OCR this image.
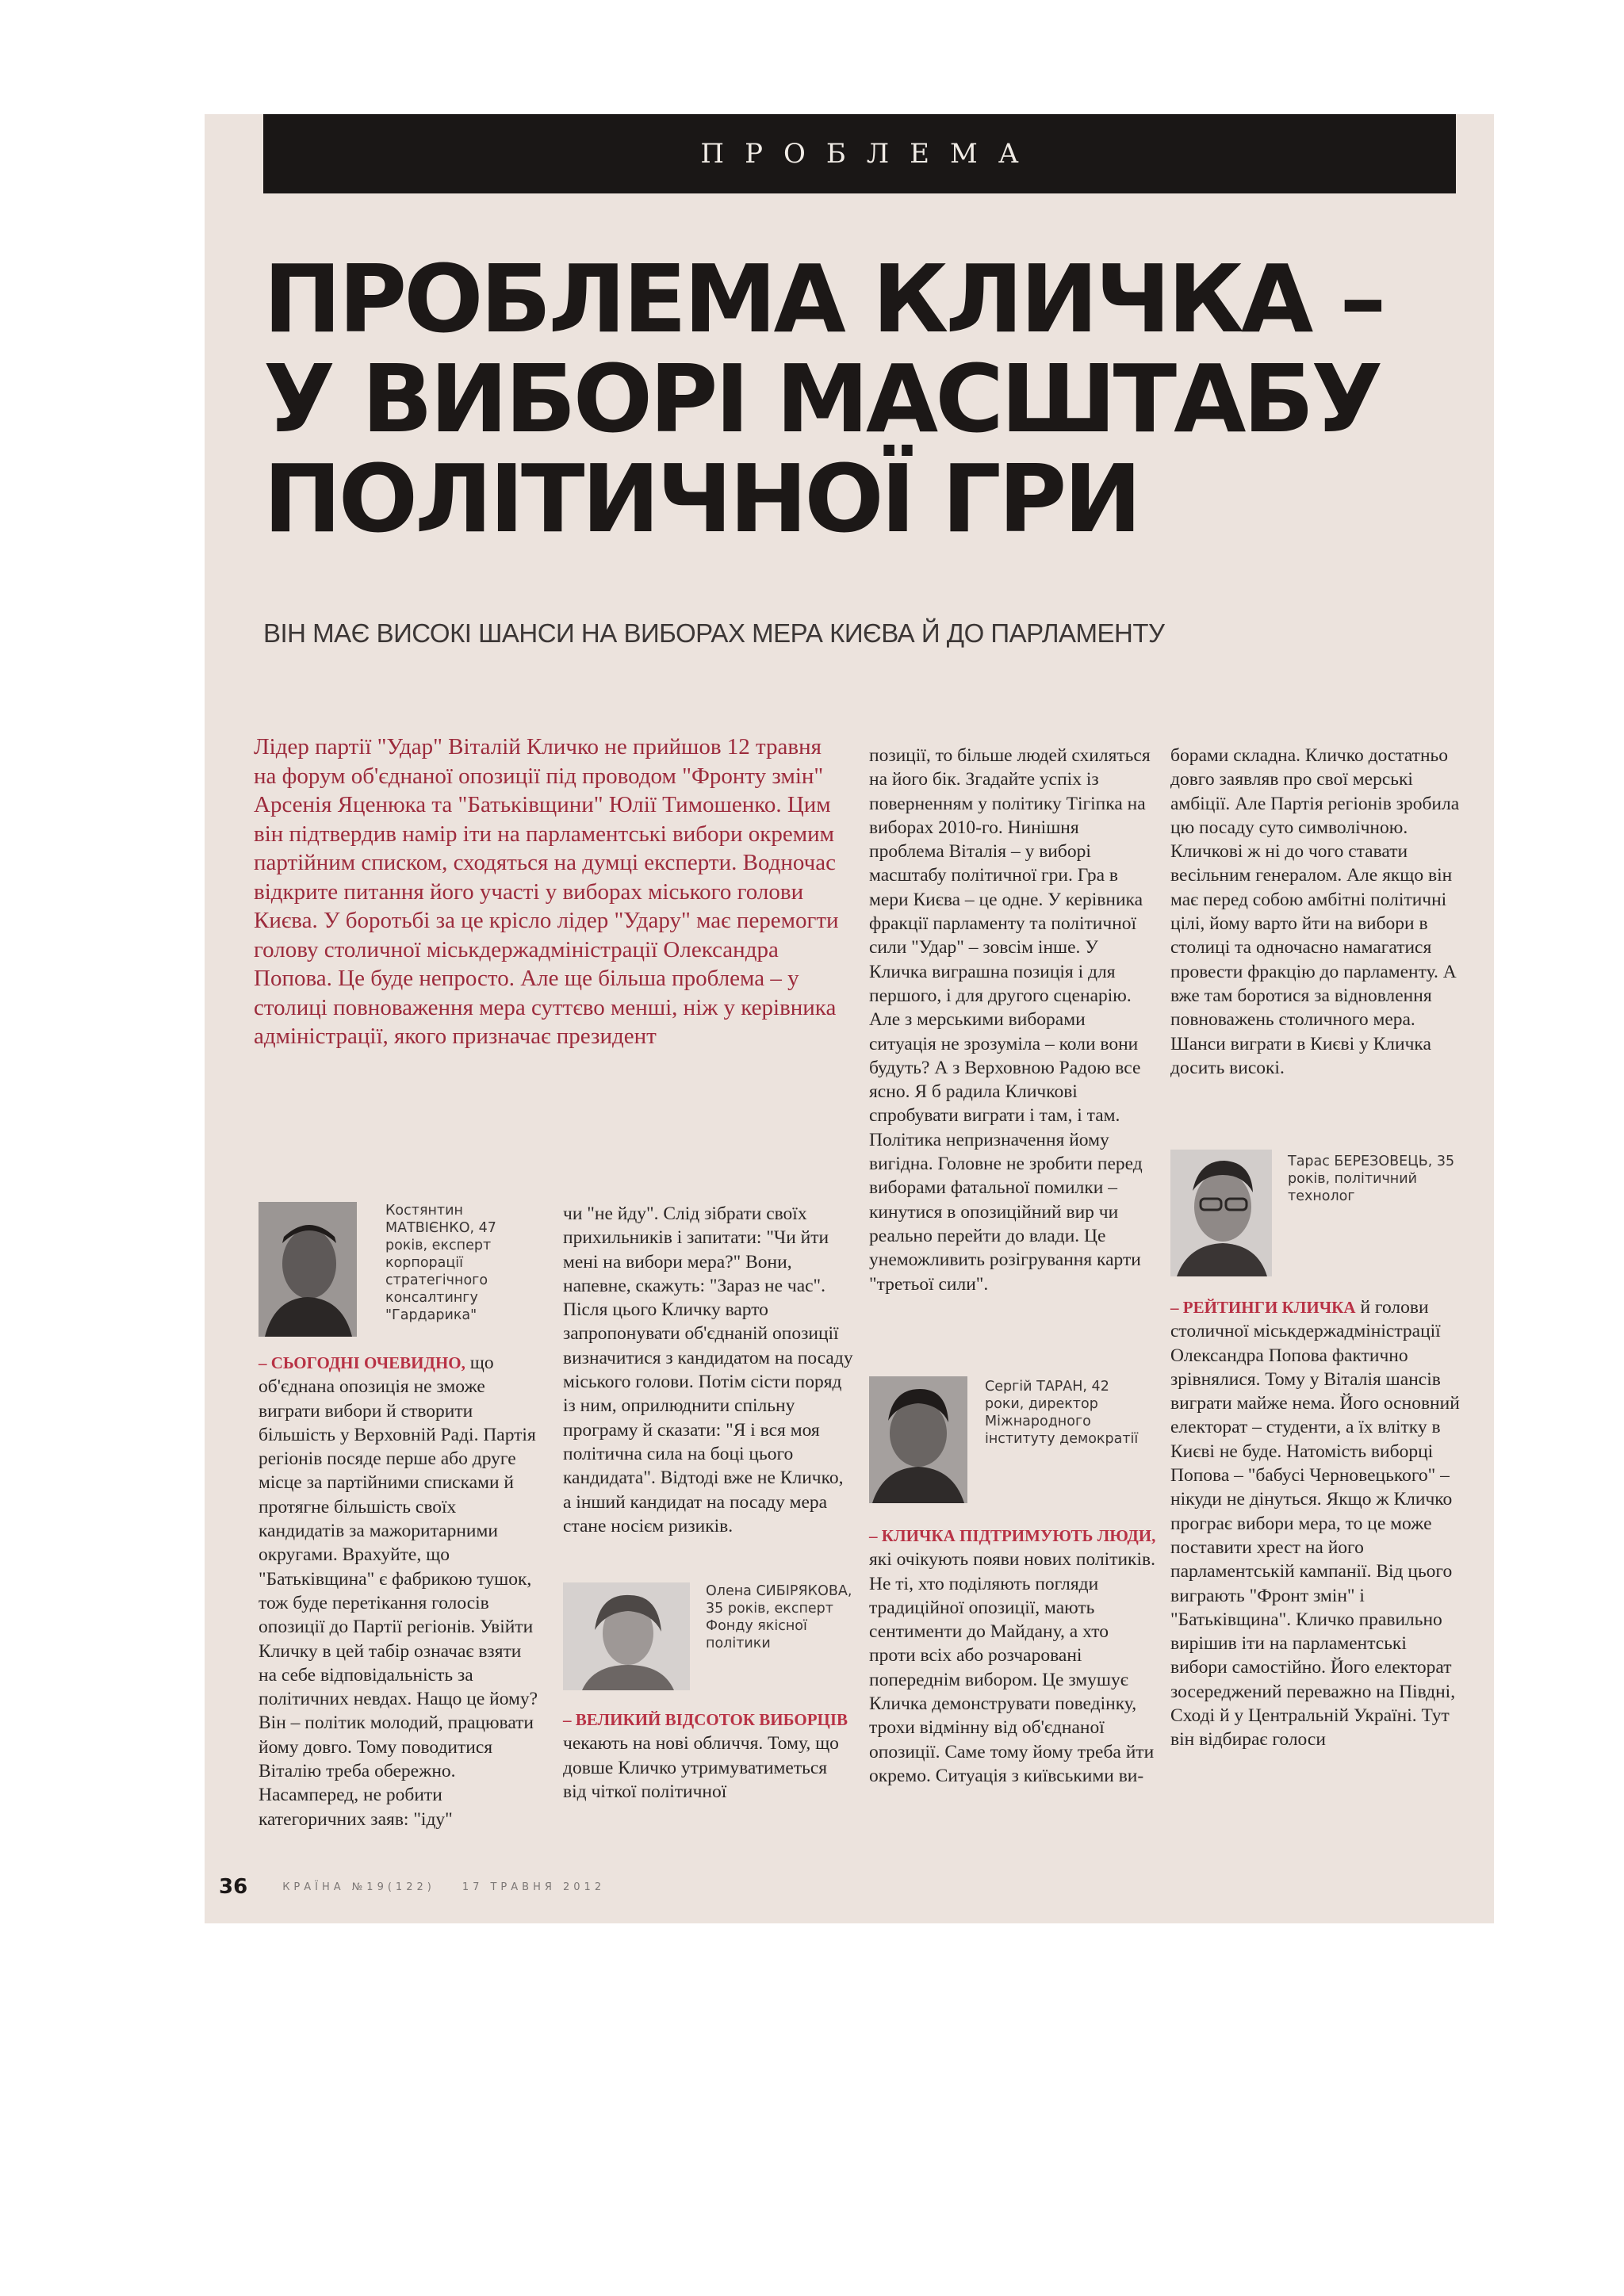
ПРОБЛЕМА
ПРОБЛЕМА КЛИЧКА –
У ВИБОРІ МАСШТАБУ
ПОЛІТИЧНОЇ ГРИ
ВІН МАЄ ВИСОКІ ШАНСИ НА ВИБОРАХ МЕРА КИЄВА Й ДО ПАРЛАМЕНТУ
Лідер партії "Удар" Віталій Кличко не прийшов 12 травня на форум об'єднаної опозиції під проводом "Фронту змін" Арсенія Яценюка та "Батьківщини" Юлії Тимошенко. Цим він підтвердив намір іти на парламентські вибори окремим партійним списком, сходяться на думці експерти. Водночас відкрите питання його участі у виборах міського голови Києва. У боротьбі за це крісло лідер "Удару" має перемогти голову столичної міськдержадміністрації Олександра Попова. Це буде непросто. Але ще більша проблема – у столиці повноваження мера суттєво менші, ніж у керівника адміністрації, якого призначає президент
позиції, то більше людей схиляться на його бік. Згадайте успіх із поверненням у політику Тігіпка на виборах 2010-го. Нинішня проблема Віталія – у виборі масштабу політичної гри. Гра в мери Києва – це одне. У керівника фракції парламенту та політичної сили "Удар" – зовсім інше. У Кличка виграшна позиція і для першого, і для другого сценарію. Але з мерськими виборами ситуація не зрозуміла – коли вони будуть? А з Верховною Радою все ясно. Я б радила Кличкові спробувати виграти і там, і там.
Політика непризначення йому вигідна. Головне не зробити перед виборами фатальної помилки – кинутися в опозиційний вир чи реально перейти до влади. Це унеможливить розігрування карти "третьої сили".
борами складна. Кличко достатньо довго заявляв про свої мерські амбіції. Але Партія регіонів зробила цю посаду суто символічною. Кличкові ж ні до чого ставати весільним генералом. Але якщо він має перед собою амбітні політичні цілі, йому варто йти на вибори в столиці та одночасно намагатися провести фракцію до парламенту. А вже там боротися за відновлення повноважень столичного мера. Шанси виграти в Києві у Кличка досить високі.
Костянтин МАТВІЄНКО, 47 років, експерт корпорації стратегічного консалтингу "Гардарика"
– СЬОГОДНІ ОЧЕВИДНО, що об'єднана опозиція не зможе виграти вибори й створити більшість у Верховній Раді. Партія регіонів посяде перше або друге місце за партійними списками й протягне більшість своїх кандидатів за мажоритарними округами. Врахуйте, що "Батьківщина" є фабрикою тушок, тож буде перетікання голосів опозиції до Партії регіонів. Увійти Кличку в цей табір означає взяти на себе відповідальність за політичних невдах. Нащо це йому? Він – політик молодий, працювати йому довго. Тому поводитися Віталію треба обережно. Насамперед, не робити категоричних заяв: "іду"
чи "не йду". Слід зібрати своїх прихильників і запитати: "Чи йти мені на вибори мера?" Вони, напевне, скажуть: "Зараз не час". Після цього Кличку варто запропонувати об'єднаній опозиції визначитися з кандидатом на посаду міського голови. Потім сісти поряд із ним, оприлюднити спільну програму й сказати: "Я і вся моя політична сила на боці цього кандидата". Відтоді вже не Кличко, а інший кандидат на посаду мера стане носієм ризиків.
Олена СИБІРЯКОВА, 35 років, експерт Фонду якісної політики
– ВЕЛИКИЙ ВІДСОТОК ВИБОРЦІВ чекають на нові обличчя. Тому, що довше Кличко утримуватиметься від чіткої політичної
Сергій ТАРАН, 42 роки, директор Міжнародного інституту демократії
– КЛИЧКА ПІДТРИМУЮТЬ ЛЮДИ, які очікують появи нових політиків. Не ті, хто поділяють погляди традиційної опозиції, мають сентименти до Майдану, а хто проти всіх або розчаровані попереднім вибором. Це змушує Кличка демонструвати поведінку, трохи відмінну від об'єднаної опозиції. Саме тому йому треба йти окремо. Ситуація з київськими ви-
Тарас БЕРЕЗОВЕЦЬ, 35 років, політичний технолог
– РЕЙТИНГИ КЛИЧКА й голови столичної міськдержадміністрації Олександра Попова фактично зрівнялися. Тому у Віталія шансів виграти майже нема. Його основний електорат – студенти, а їх влітку в Києві не буде. Натомість виборці Попова – "бабусі Черновецького" – нікуди не дінуться. Якщо ж Кличко програє вибори мера, то це може поставити хрест на його парламентській кампанії. Від цього виграють "Фронт змін" і "Батьківщина". Кличко правильно вирішив іти на парламентські вибори самостійно. Його електорат зосереджений переважно на Півдні, Сході й у Центральній Україні. Тут він відбирає голоси
36	КРАЇНА №19(122)	17 ТРАВНЯ 2012
